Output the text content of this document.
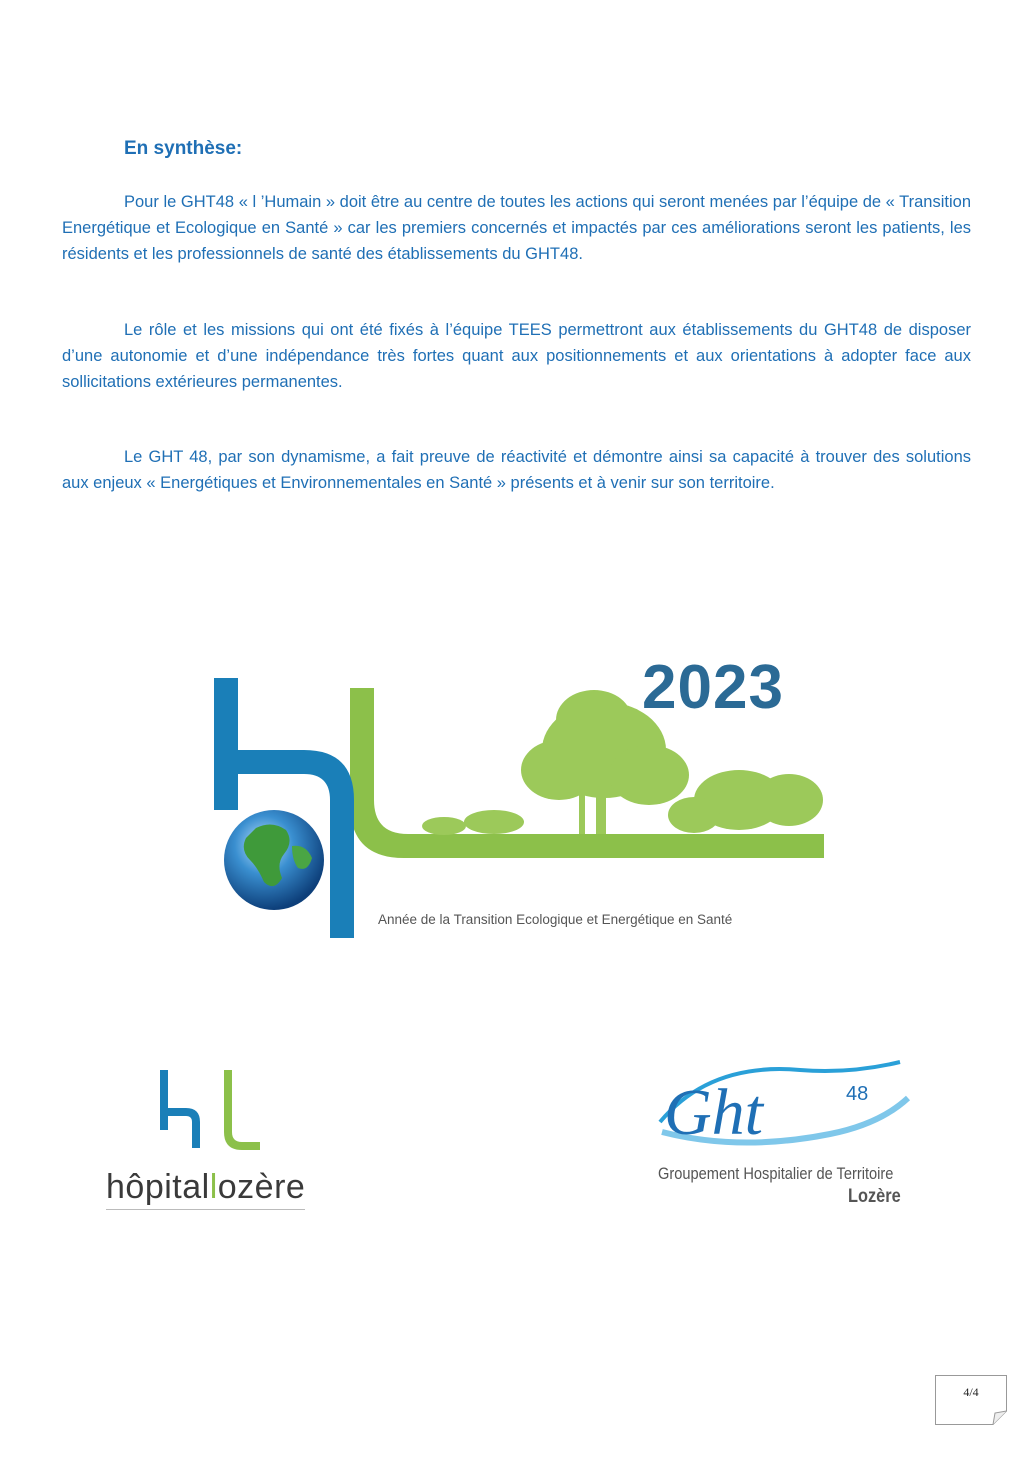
En synthèse:

Pour le GHT48 « l ’Humain » doit être au centre de toutes les actions qui seront menées par l’équipe de « Transition Energétique et Ecologique en Santé » car les premiers concernés et impactés par ces améliorations seront les patients, les résidents et les professionnels de santé des établissements du GHT48.

Le rôle et les missions qui ont été fixés à l’équipe TEES permettront aux établissements du GHT48 de disposer d’une autonomie et d’une indépendance très fortes quant aux positionnements et aux orientations à adopter face aux sollicitations extérieures permanentes.

Le GHT 48, par son dynamisme, a fait preuve de réactivité et démontre ainsi sa capacité à trouver des solutions aux enjeux « Energétiques et Environnementales en Santé » présents et à venir sur son territoire.

2023
Année de la Transition Ecologique et Energétique en Santé
hôpitallozère
Ght	48
Groupement Hospitalier de Territoire
Lozère
4/4
